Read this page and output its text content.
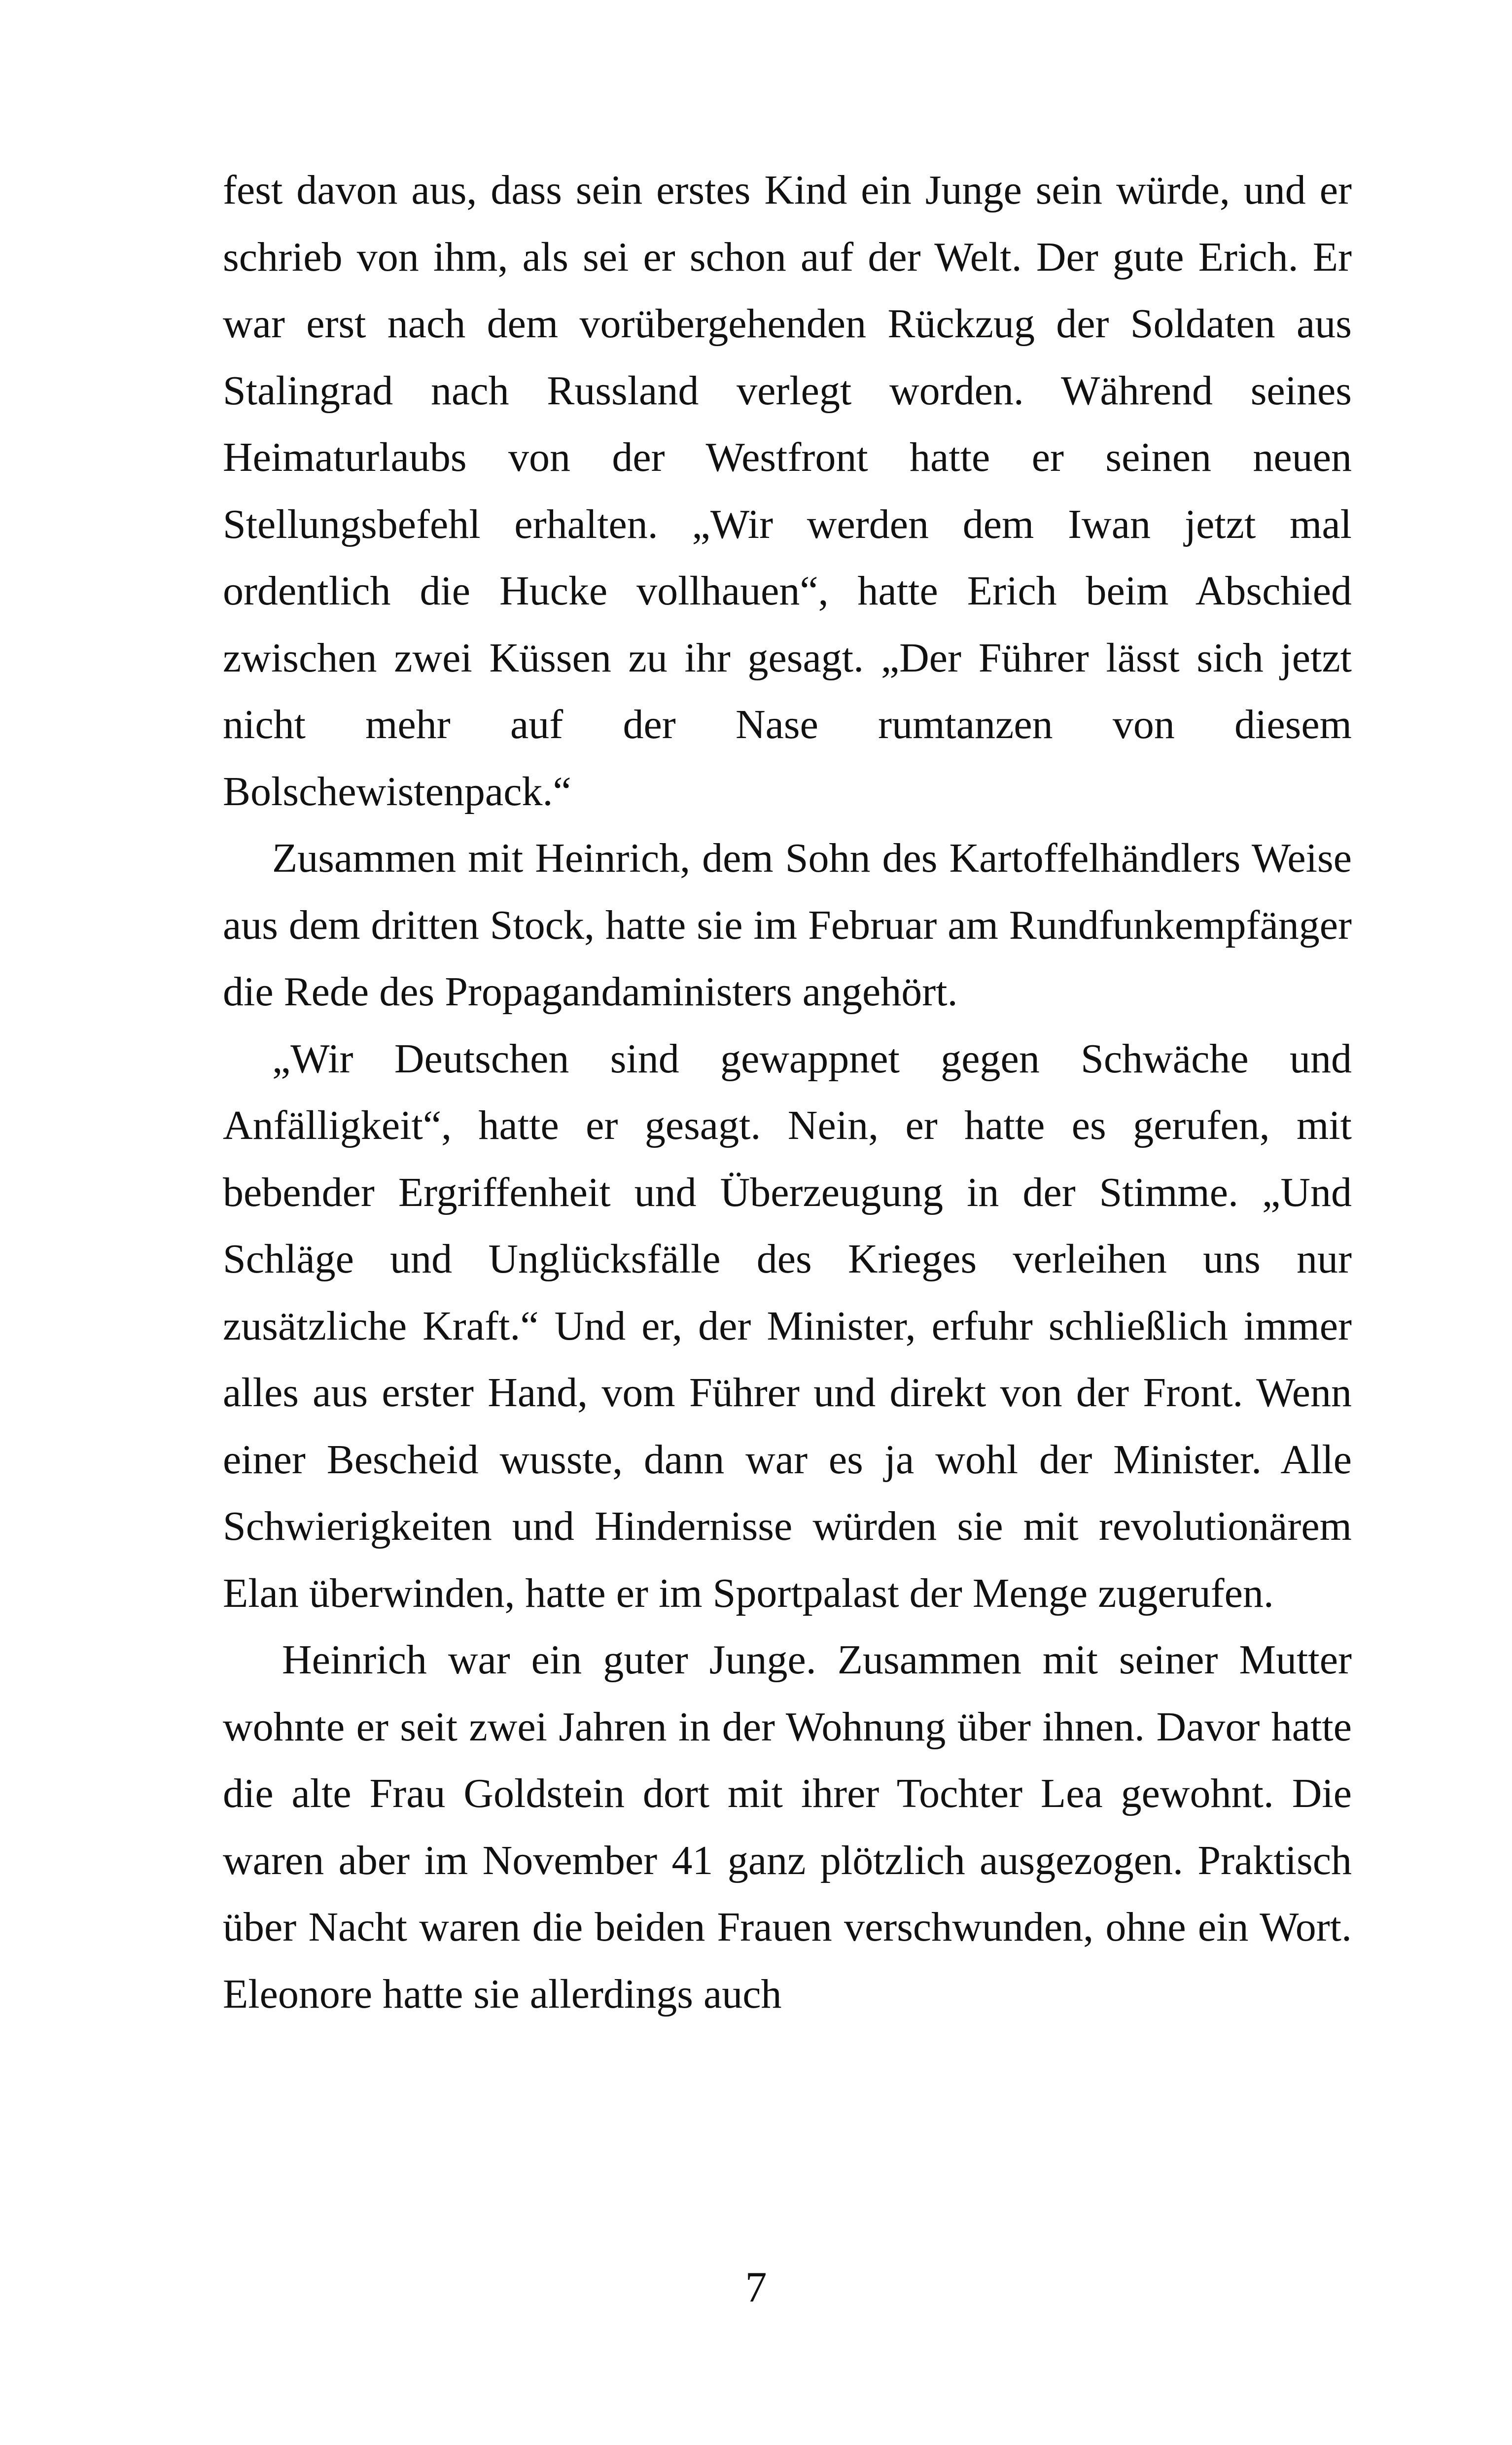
fest davon aus, dass sein erstes Kind ein Junge sein würde, und er schrieb von ihm, als sei er schon auf der Welt. Der gute Erich. Er war erst nach dem vorübergehenden Rückzug der Soldaten aus Stalingrad nach Russland verlegt worden. Während seines Heimaturlaubs von der Westfront hatte er seinen neuen Stellungsbefehl erhalten. „Wir werden dem Iwan jetzt mal ordentlich die Hucke vollhauen“, hatte Erich beim Abschied zwischen zwei Küssen zu ihr gesagt. „Der Führer lässt sich jetzt nicht mehr auf der Nase rumtanzen von diesem Bolschewistenpack.“

Zusammen mit Heinrich, dem Sohn des Kartoffelhändlers Weise aus dem dritten Stock, hatte sie im Februar am Rundfunkempfänger die Rede des Propagandaministers angehört.

„Wir Deutschen sind gewappnet gegen Schwäche und Anfälligkeit“, hatte er gesagt. Nein, er hatte es gerufen, mit bebender Ergriffenheit und Überzeugung in der Stimme. „Und Schläge und Unglücksfälle des Krieges verleihen uns nur zusätzliche Kraft.“ Und er, der Minister, erfuhr schließlich immer alles aus erster Hand, vom Führer und direkt von der Front. Wenn einer Bescheid wusste, dann war es ja wohl der Minister. Alle Schwierigkeiten und Hindernisse würden sie mit revolutionärem Elan überwinden, hatte er im Sportpalast der Menge zugerufen.

Heinrich war ein guter Junge. Zusammen mit seiner Mutter wohnte er seit zwei Jahren in der Wohnung über ihnen. Davor hatte die alte Frau Goldstein dort mit ihrer Tochter Lea gewohnt. Die waren aber im November 41 ganz plötzlich ausgezogen. Praktisch über Nacht waren die beiden Frauen verschwunden, ohne ein Wort. Eleonore hatte sie allerdings auch

7
